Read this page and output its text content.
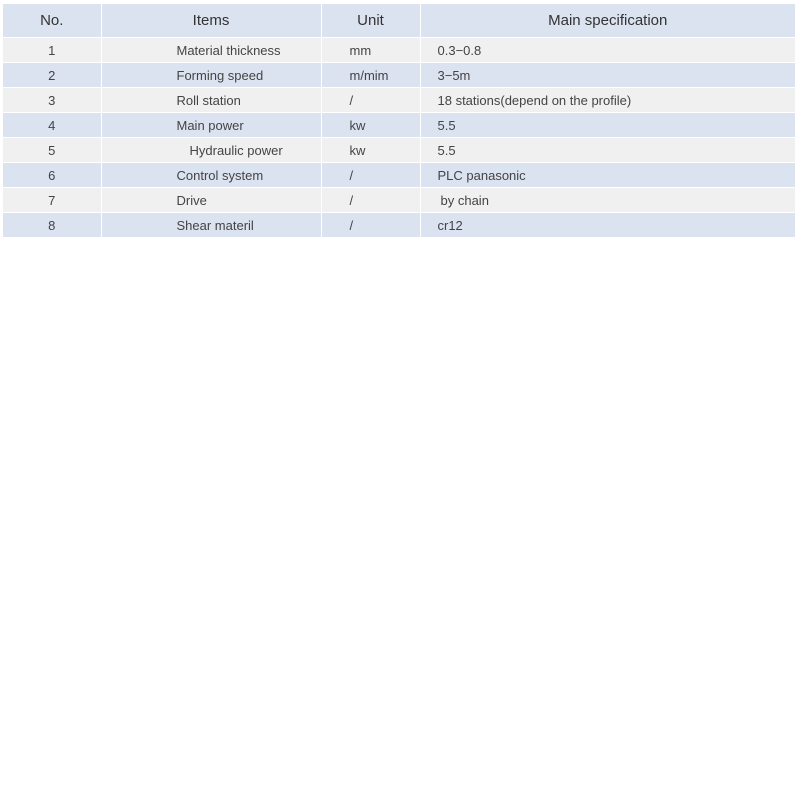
No.	Items	Unit	Main specification
1	Material thickness	mm	0.3−0.8
2	Forming speed	m/mim	3−5m
3	Roll station	/	18 stations(depend on the profile)
4	Main power	kw	5.5
5	Hydraulic power	kw	5.5
6	Control system	/	PLC panasonic
7	Drive	/	by chain
8	Shear materil	/	cr12
